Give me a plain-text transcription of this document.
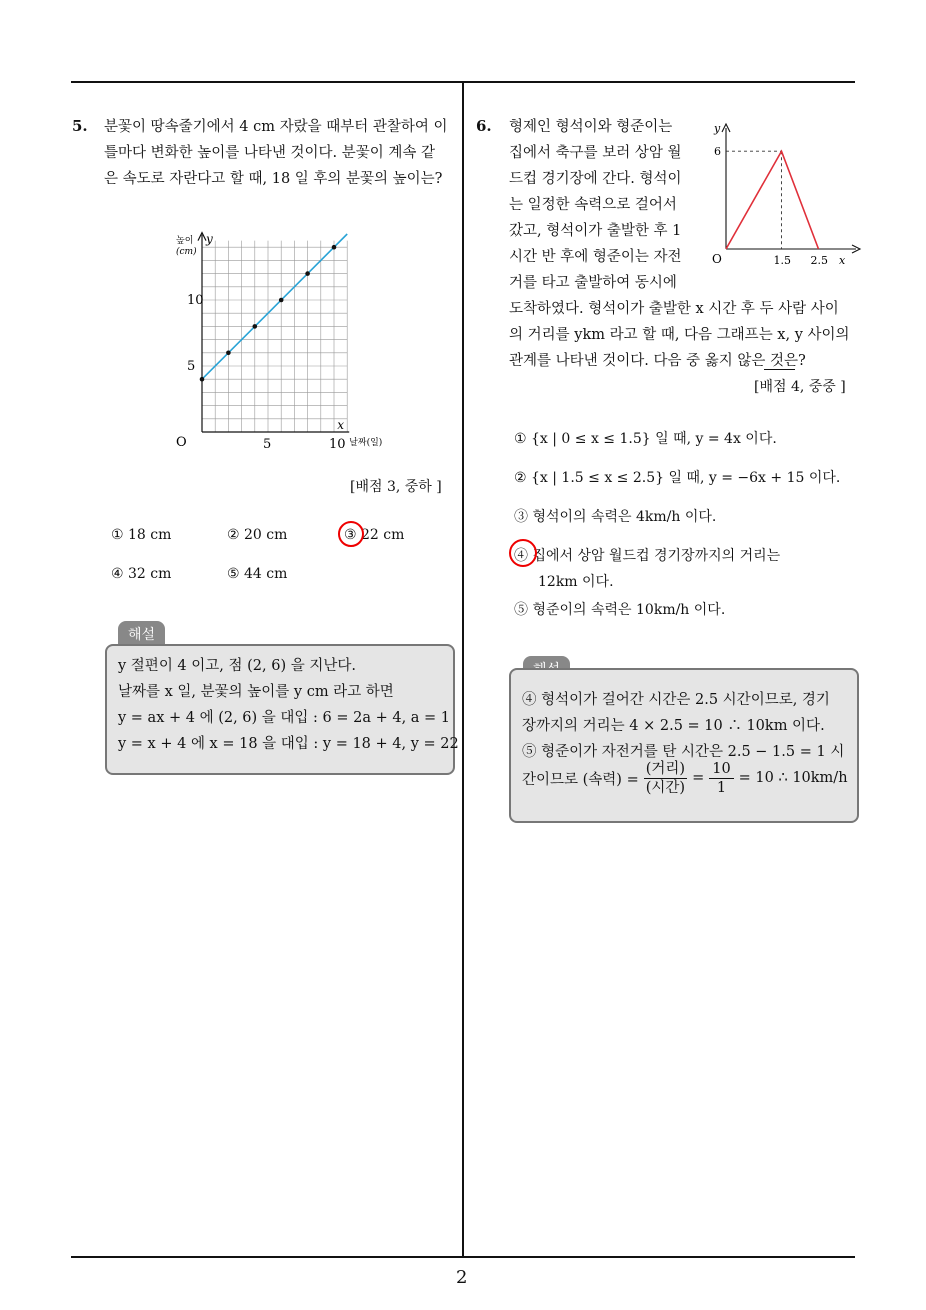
2
5. 분꽃이 땅속줄기에서 4 cm 자랐을 때부터 관찰하여 이
틀마다 변화한 높이를 나타낸 것이다. 분꽃이 계속 같
은 속도로 자란다고 할 때, 18 일 후의 분꽃의 높이는?
O
5
10
5	10
높이
(cm)
y
x
날짜(일)
[배점 3, 중하 ]
① 18 cm	② 20 cm	③ 22 cm
④ 32 cm	⑤ 44 cm
해설
y 절편이 4 이고, 점 (2, 6) 을 지난다.
날짜를 x 일, 분꽃의 높이를 y cm 라고 하면
y = ax + 4 에 (2, 6) 을 대입 : 6 = 2a + 4, a = 1
y = x + 4 에 x = 18 을 대입 : y = 18 + 4, y = 22
6. 형제인 형석이와 형준이는
집에서 축구를 보러 상암 월
드컵 경기장에 간다. 형석이
는 일정한 속력으로 걸어서
갔고, 형석이가 출발한 후 1
시간 반 후에 형준이는 자전
거를 타고 출발하여 동시에
도착하였다. 형석이가 출발한 x 시간 후 두 사람 사이
의 거리를 ykm 라고 할 때, 다음 그래프는 x, y 사이의
관계를 나타낸 것이다. 다음 중 옳지 않은 것은?
y
x
O
6
1.5 2.5
[배점 4, 중중 ]
① {x | 0 ≤ x ≤ 1.5} 일 때, y = 4x 이다.
② {x | 1.5 ≤ x ≤ 2.5} 일 때, y = −6x + 15 이다.
③ 형석이의 속력은 4km/h 이다.
④ 집에서 상암 월드컵 경기장까지의 거리는
12km 이다.
⑤ 형준이의 속력은 10km/h 이다.
④ 형석이가 걸어간 시간은 2.5 시간이므로, 경기
장까지의 거리는 4 × 2.5 = 10 ∴ 10km 이다.
⑤ 형준이가 자전거를 탄 시간은 2.5 − 1.5 = 1 시
간이므로 (속력) =
(거리)
(시간)
= $\frac{10}{1} = 10$ ∴ 10km/h
